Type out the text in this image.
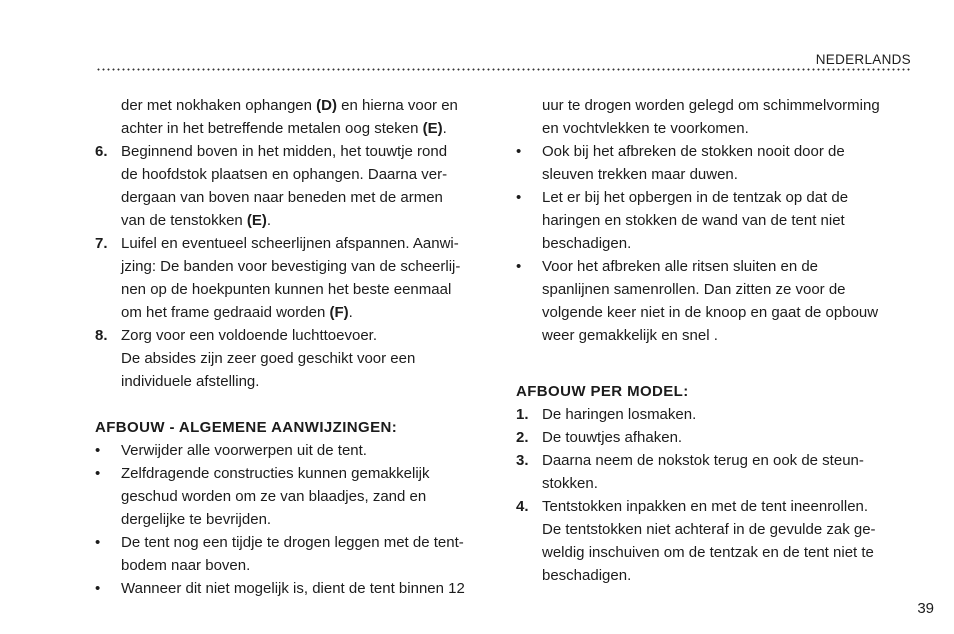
NEDERLANDS
der met nokhaken ophangen (D) en hierna voor en
achter in het betreffende metalen oog steken (E).
6. Beginnend boven in het midden, het touwtje rond
de hoofdstok plaatsen en ophangen. Daarna ver-
dergaan van boven naar beneden met de armen
van de tenstokken (E).
7. Luifel en eventueel scheerlijnen afspannen. Aanwi-
jzing: De banden voor bevestiging van de scheerlij-
nen op de hoekpunten kunnen het beste eenmaal
om het frame gedraaid worden (F).
8. Zorg voor een voldoende luchttoevoer.
De absides zijn zeer goed geschikt voor een
individuele afstelling.
AFBOUW - ALGEMENE AANWIJZINGEN:
• Verwijder alle voorwerpen uit de tent.
• Zelfdragende constructies kunnen gemakkelijk
geschud worden om ze van blaadjes, zand en
dergelijke te bevrijden.
• De tent nog een tijdje te drogen leggen met de tent-
bodem naar boven.
• Wanneer dit niet mogelijk is, dient de tent binnen 12
uur te drogen worden gelegd om schimmelvorming
en vochtvlekken te voorkomen.
• Ook bij het afbreken de stokken nooit door de
sleuven trekken maar duwen.
• Let er bij het opbergen in de tentzak op dat de
haringen en stokken de wand van de tent niet
beschadigen.
• Voor het afbreken alle ritsen sluiten en de
spanlijnen samenrollen. Dan zitten ze voor de
volgende keer niet in de knoop en gaat de opbouw
weer gemakkelijk en snel .
AFBOUW PER MODEL:
1. De haringen losmaken.
2. De touwtjes afhaken.
3. Daarna neem de nokstok terug en ook de steun-
stokken.
4. Tentstokken inpakken en met de tent ineenrollen.
De tentstokken niet achteraf in de gevulde zak ge-
weldig inschuiven om de tentzak en de tent niet te
beschadigen.
39
